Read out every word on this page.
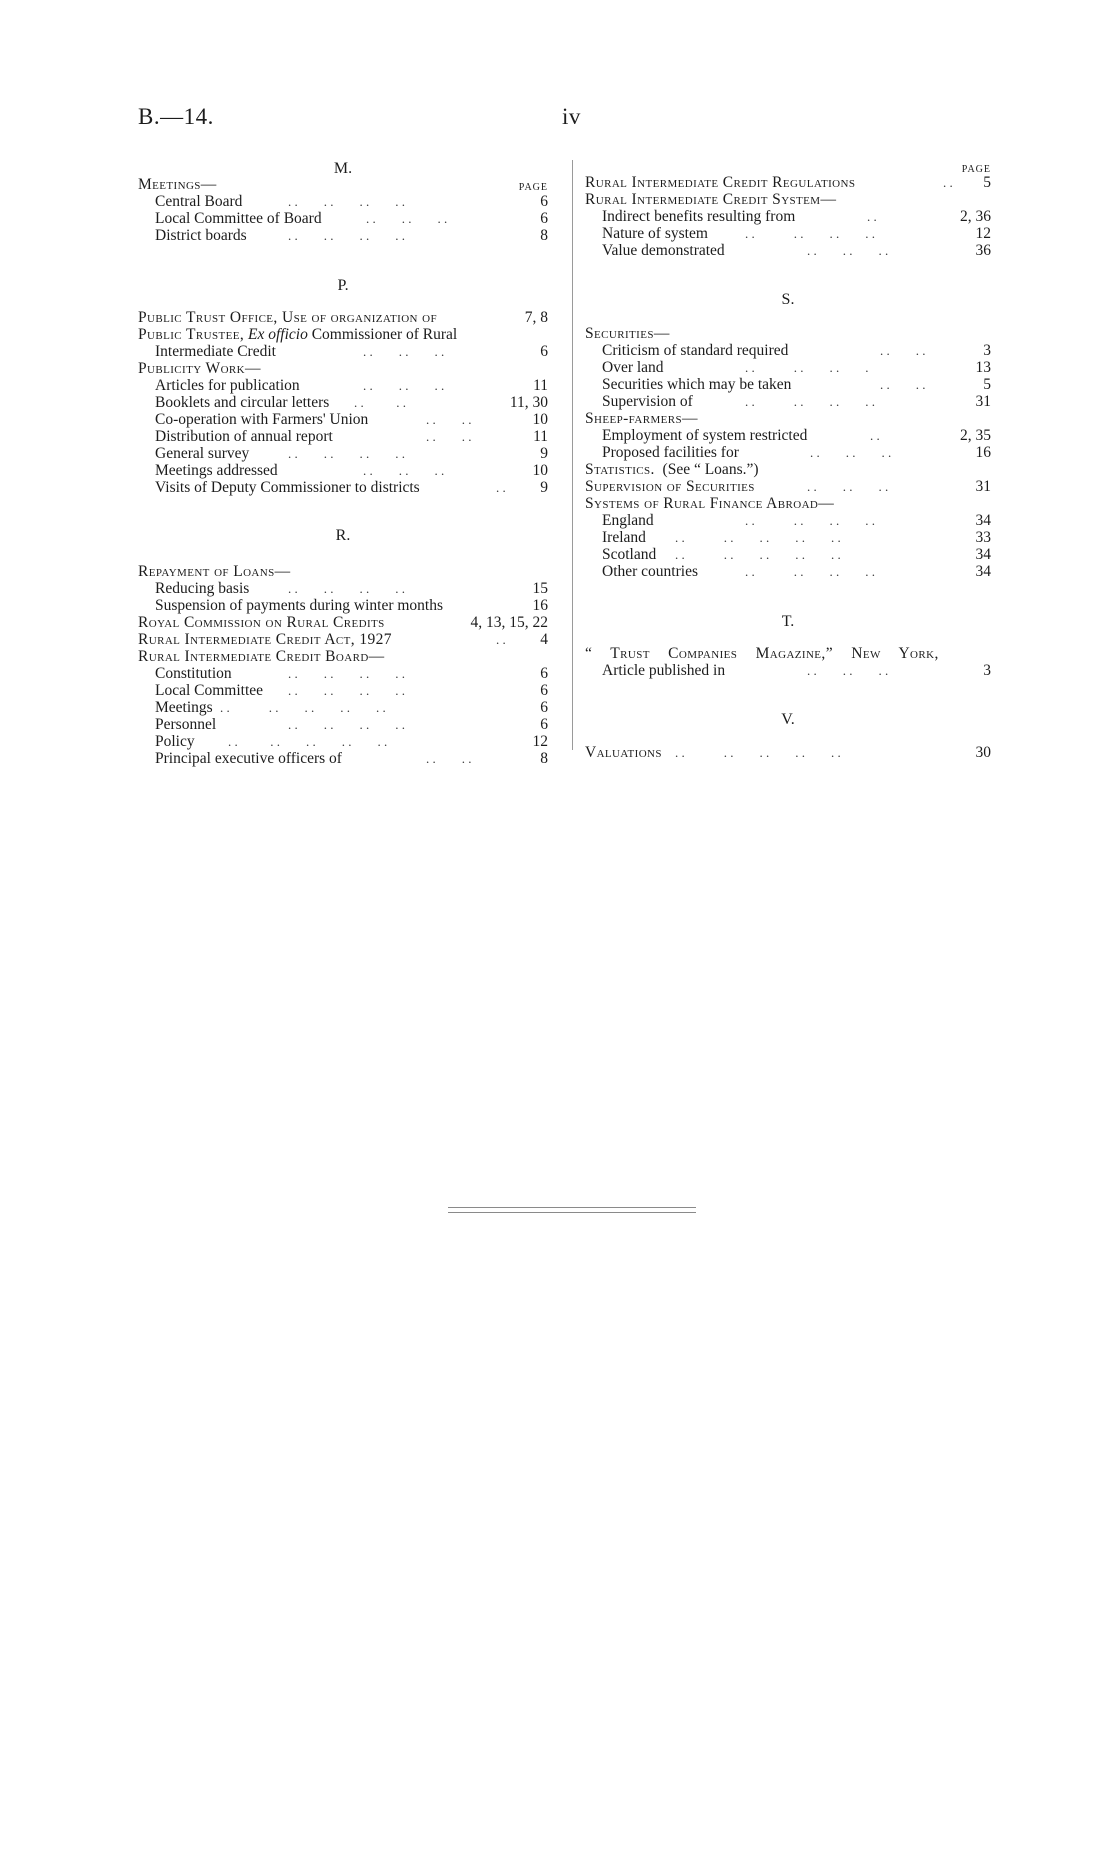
B.—14.	iv
M.
PAGE
Meetings—
Central Board	. .        . .        . .        . .	6
Local Committee of Board	. .        . .        . .	6
District boards	. .        . .        . .        . .	8
P.
Public Trust Office, Use of organization of	7, 8
Public Trustee, Ex officio Commissioner of Rural
Intermediate Credit	. .        . .        . .	6
Publicity Work—
Articles for publication	. .        . .        . .	11
Booklets and circular letters . .          . .	11, 30
Co-operation with Farmers' Union	. .        . .	10
Distribution of annual report	. .        . .	11
General survey	. .        . .        . .        . .	9
Meetings addressed	. .        . .        . .	10
Visits of Deputy Commissioner to districts	. . 9
R.
Repayment of Loans—
Reducing basis	. .        . .        . .        . .	15
Suspension of payments during winter months	16
Royal Commission on Rural Credits	4, 13, 15, 22
Rural Intermediate Credit Act, 1927	. . 4
Rural Intermediate Credit Board—
Constitution	. .        . .        . .        . .	6
Local Committee . .        . .        . .        . .	6
Meetings . .            . .        . .        . .        . .	6
Personnel	. .        . .        . .        . .	6
Policy	. .          . .        . .        . .        . .	12
Principal executive officers of	. .        . .	8
PAGE
Rural Intermediate Credit Regulations	. . 5
Rural Intermediate Credit System—
Indirect benefits resulting from	. .	2, 36
Nature of system	. .            . .        . .        . .	12
Value demonstrated	. .        . .        . .	36
S.
Securities—
Criticism of standard required	. .        . .	3
Over land	. .            . .        . .        .	13
Securities which may be taken	. .        . .	5
Supervision of	. .            . .        . .        . .	31
Sheep-farmers—
Employment of system restricted	. .	2, 35
Proposed facilities for	. .        . .        . .	16
Statistics. (See “ Loans.”)
Supervision of Securities	. .        . .        . .	31
Systems of Rural Finance Abroad—
England	. .            . .        . .        . .	34
Ireland . .            . .        . .        . .        . .	33
Scotland . .            . .        . .        . .        . .	34
Other countries	. .            . .        . .        . .	34
T.
“ Trust Companies Magazine,” New York,
Article published in	. .        . .        . .	3
V.
Valuations . .            . .        . .        . .        . .	30
